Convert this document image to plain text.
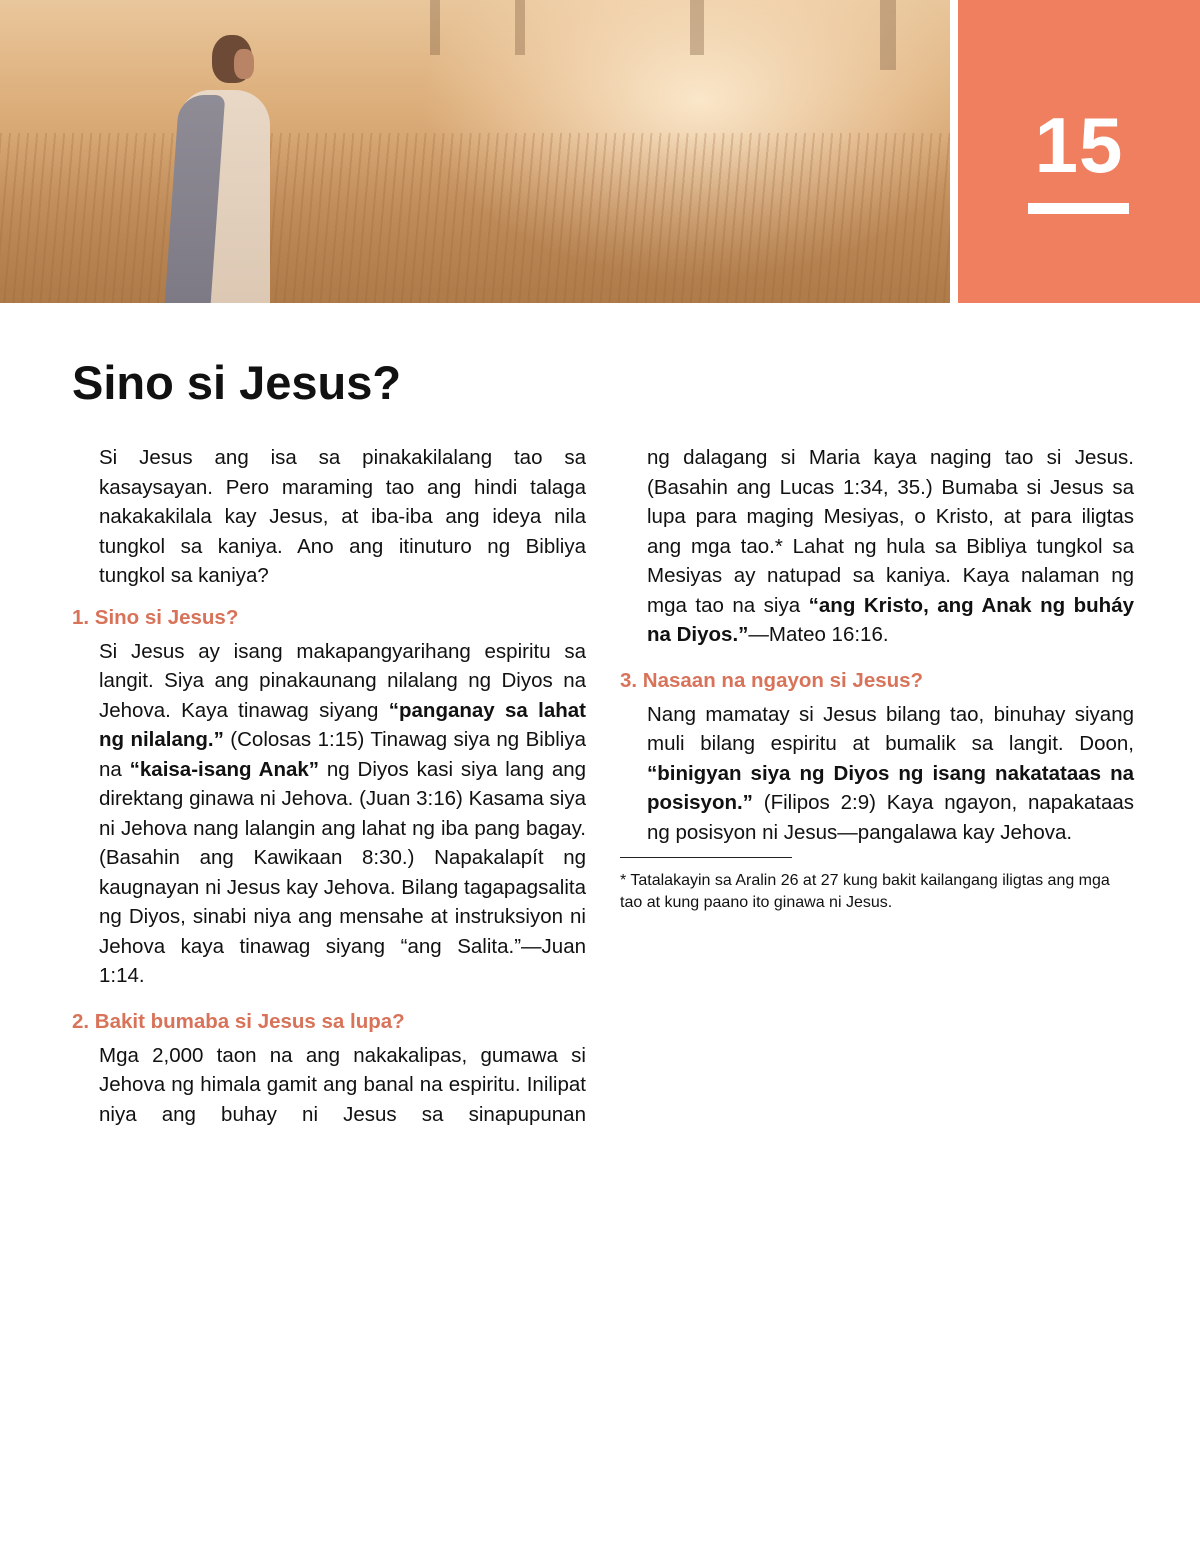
15
Sino si Jesus?

Si Jesus ang isa sa pinakakilalang tao sa kasaysayan. Pero maraming tao ang hindi talaga nakakakilala kay Jesus, at iba-iba ang ideya nila tungkol sa kaniya. Ano ang itinuturo ng Bibliya tungkol sa kaniya?

1. Sino si Jesus?

Si Jesus ay isang makapangyarihang espiritu sa langit. Siya ang pinakaunang nilalang ng Diyos na Jehova. Kaya tinawag siyang “panganay sa lahat ng nilalang.” (Colosas 1:15) Tinawag siya ng Bibliya na “kaisa-isang Anak” ng Diyos kasi siya lang ang direktang ginawa ni Jehova. (Juan 3:16) Kasama siya ni Jehova nang lalangin ang lahat ng iba pang bagay. (Basahin ang Kawikaan 8:30.) Napakalapít ng kaugnayan ni Jesus kay Jehova. Bilang tagapagsalita ng Diyos, sinabi niya ang mensahe at instruksiyon ni Jehova kaya tinawag siyang “ang Salita.”—Juan 1:14.

2. Bakit bumaba si Jesus sa lupa?

Mga 2,000 taon na ang nakakalipas, gumawa si Jehova ng himala gamit ang banal na espiritu. Inilipat niya ang buhay ni Jesus sa sinapupunan

ng dalagang si Maria kaya naging tao si Jesus. (Basahin ang Lucas 1:34, 35.) Bumaba si Jesus sa lupa para maging Mesiyas, o Kristo, at para iligtas ang mga tao.* Lahat ng hula sa Bibliya tungkol sa Mesiyas ay natupad sa kaniya. Kaya nalaman ng mga tao na siya “ang Kristo, ang Anak ng buháy na Diyos.”—Mateo 16:16.

3. Nasaan na ngayon si Jesus?

Nang mamatay si Jesus bilang tao, binuhay siyang muli bilang espiritu at bumalik sa langit. Doon, “binigyan siya ng Diyos ng isang nakatataas na posisyon.” (Filipos 2:9) Kaya ngayon, napakataas ng posisyon ni Jesus—pangalawa kay Jehova.

* Tatalakayin sa Aralin 26 at 27 kung bakit kailangang iligtas ang mga tao at kung paano ito ginawa ni Jesus.
